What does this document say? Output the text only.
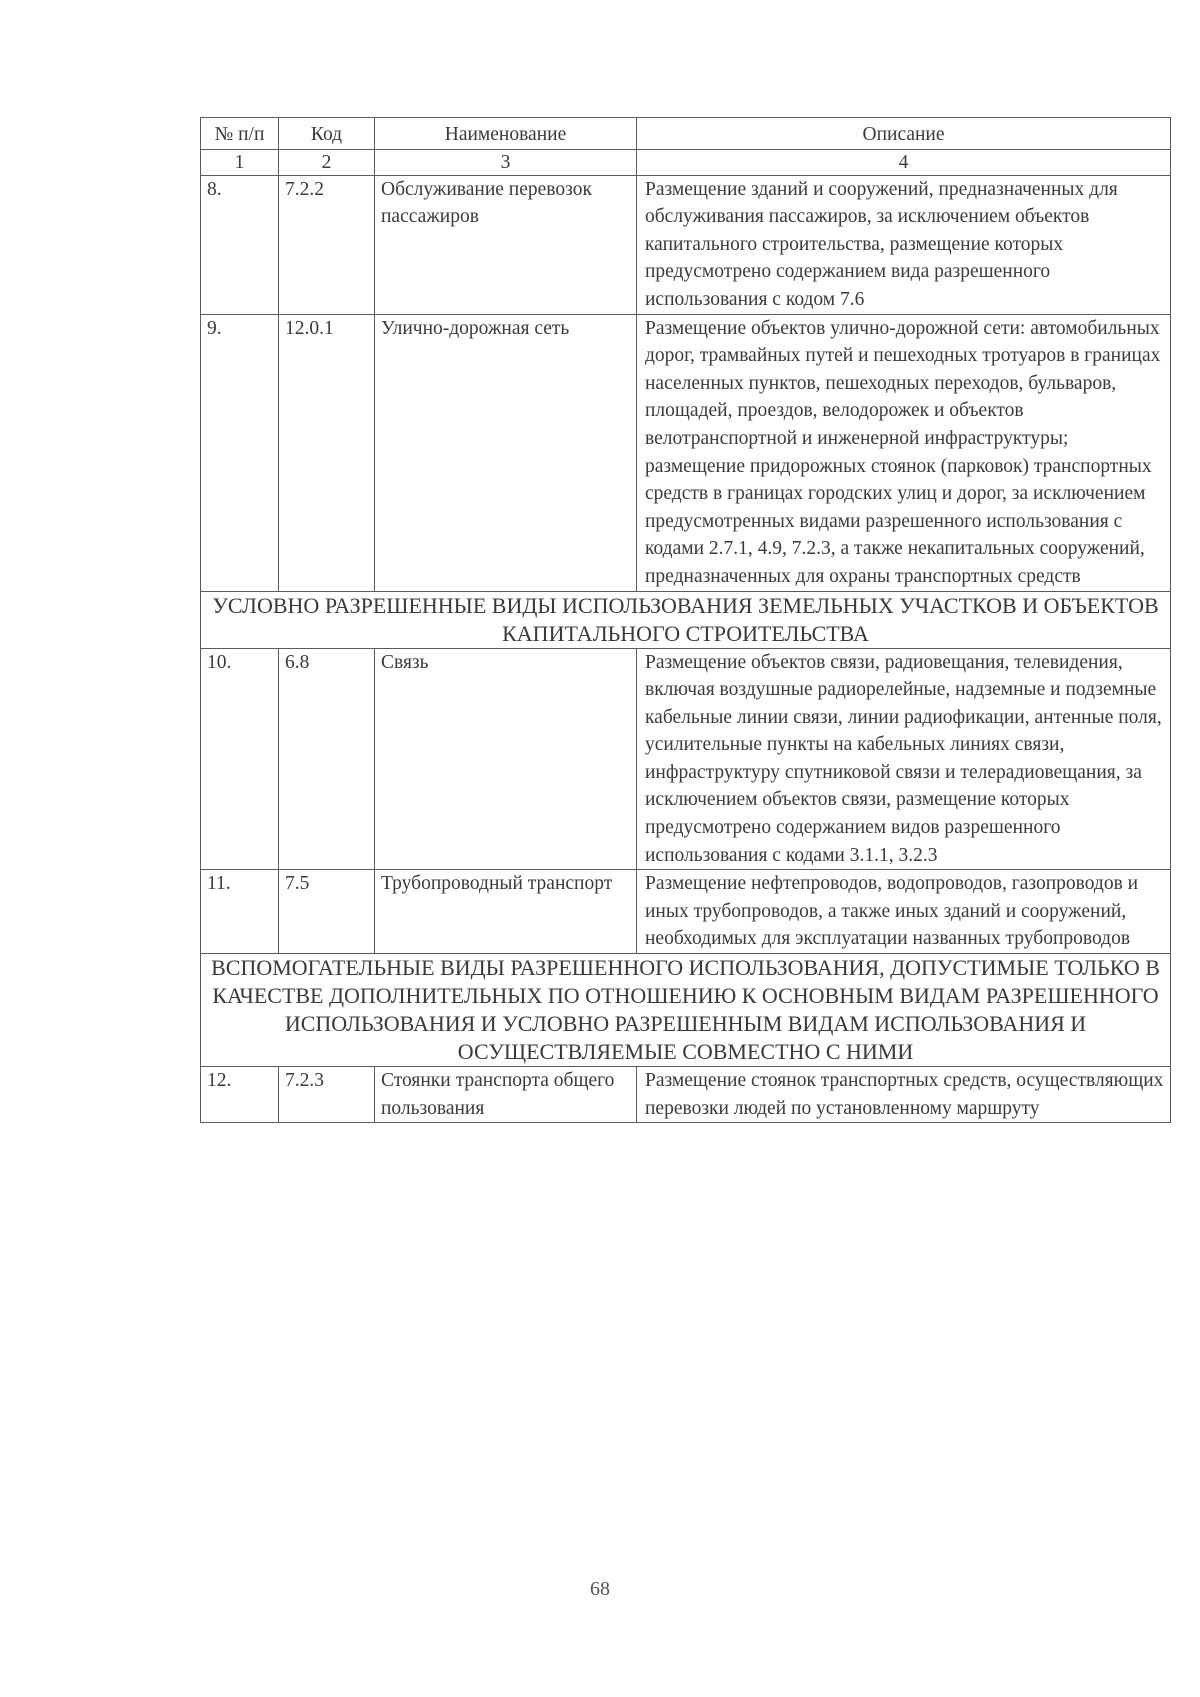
№ п/п	Код	Наименование	Описание
1	2	3	4
8.	7.2.2	Обслуживание перевозок пассажиров	Размещение зданий и сооружений, предназначенных для обслуживания пассажиров, за исключением объектов капитального строительства, размещение которых предусмотрено содержанием вида разрешенного использования с кодом 7.6
9.	12.0.1	Улично-дорожная сеть	Размещение объектов улично-дорожной сети: автомобильных дорог, трамвайных путей и пешеходных тротуаров в границах населенных пунктов, пешеходных переходов, бульваров, площадей, проездов, велодорожек и объектов велотранспортной и инженерной инфраструктуры; размещение придорожных стоянок (парковок) транспортных средств в границах городских улиц и дорог, за исключением предусмотренных видами разрешенного использования с кодами 2.7.1, 4.9, 7.2.3, а также некапитальных сооружений, предназначенных для охраны транспортных средств
УСЛОВНО РАЗРЕШЕННЫЕ ВИДЫ ИСПОЛЬЗОВАНИЯ ЗЕМЕЛЬНЫХ УЧАСТКОВ И ОБЪЕКТОВ КАПИТАЛЬНОГО СТРОИТЕЛЬСТВА			
10.	6.8	Связь	Размещение объектов связи, радиовещания, телевидения, включая воздушные радиорелейные, надземные и подземные кабельные линии связи, линии радиофикации, антенные поля, усилительные пункты на кабельных линиях связи, инфраструктуру спутниковой связи и телерадиовещания, за исключением объектов связи, размещение которых предусмотрено содержанием видов разрешенного использования с кодами 3.1.1, 3.2.3
11.	7.5	Трубопроводный транспорт	Размещение нефтепроводов, водопроводов, газопроводов и иных трубопроводов, а также иных зданий и сооружений, необходимых для эксплуатации названных трубопроводов
ВСПОМОГАТЕЛЬНЫЕ ВИДЫ РАЗРЕШЕННОГО ИСПОЛЬЗОВАНИЯ, ДОПУСТИМЫЕ ТОЛЬКО В КАЧЕСТВЕ ДОПОЛНИТЕЛЬНЫХ ПО ОТНОШЕНИЮ К ОСНОВНЫМ ВИДАМ РАЗРЕШЕННОГО ИСПОЛЬЗОВАНИЯ И УСЛОВНО РАЗРЕШЕННЫМ ВИДАМ ИСПОЛЬЗОВАНИЯ И ОСУЩЕСТВЛЯЕМЫЕ СОВМЕСТНО С НИМИ			
12.	7.2.3	Стоянки транспорта общего пользования	Размещение стоянок транспортных средств, осуществляющих перевозки людей по установленному маршруту
68
